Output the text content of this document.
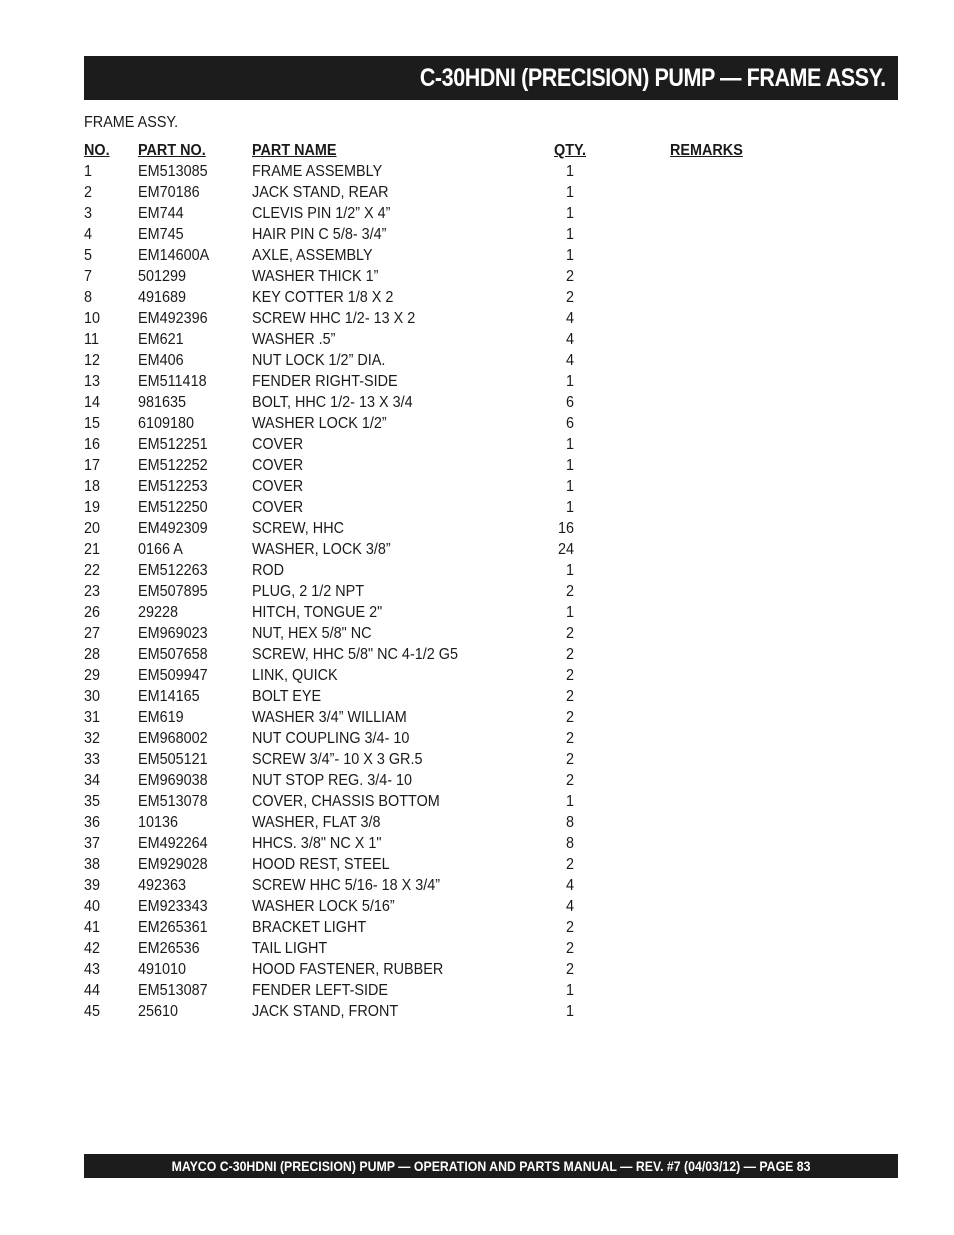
C-30HDNI (PRECISION) PUMP — FRAME ASSY.
FRAME ASSY.
NO. PART NO.	PART NAME	QTY.	REMARKS
1	EM513085	FRAME ASSEMBLY	1
2	EM70186	JACK STAND, REAR	1
3	EM744	CLEVIS PIN 1/2” X 4”	1
4	EM745	HAIR PIN C 5/8- 3/4”	1
5	EM14600A	AXLE, ASSEMBLY	1
7	501299	WASHER THICK 1”	2
8	491689	KEY COTTER 1/8 X 2	2
10 EM492396	SCREW HHC 1/2- 13 X 2	4
11 EM621	WASHER .5”	4
12 EM406	NUT LOCK 1/2” DIA.	4
13 EM511418	FENDER RIGHT-SIDE	1
14 981635	BOLT, HHC 1/2- 13 X 3/4	6
15 6109180	WASHER LOCK 1/2”	6
16 EM512251	COVER	1
17 EM512252	COVER	1
18 EM512253	COVER	1
19 EM512250	COVER	1
20 EM492309	SCREW, HHC	16
21 0166 A	WASHER, LOCK 3/8”	24
22 EM512263	ROD	1
23 EM507895	PLUG, 2 1/2 NPT	2
26 29228	HITCH, TONGUE 2"	1
27 EM969023	NUT, HEX 5/8" NC	2
28 EM507658	SCREW, HHC 5/8" NC 4-1/2 G5	2
29 EM509947	LINK, QUICK	2
30 EM14165	BOLT EYE	2
31 EM619	WASHER 3/4” WILLIAM	2
32 EM968002	NUT COUPLING 3/4- 10	2
33 EM505121	SCREW 3/4”- 10 X 3 GR.5	2
34 EM969038	NUT STOP REG. 3/4- 10	2
35 EM513078	COVER, CHASSIS BOTTOM	1
36 10136	WASHER, FLAT 3/8	8
37 EM492264	HHCS. 3/8" NC X 1"	8
38 EM929028	HOOD REST, STEEL	2
39 492363	SCREW HHC 5/16- 18 X 3/4”	4
40 EM923343	WASHER LOCK 5/16”	4
41 EM265361	BRACKET LIGHT	2
42 EM26536	TAIL LIGHT	2
43 491010	HOOD FASTENER, RUBBER	2
44 EM513087	FENDER LEFT-SIDE	1
45 25610	JACK STAND, FRONT	1
MAYCO C-30HDNI (PRECISION) PUMP — OPERATION AND PARTS MANUAL — REV. #7 (04/03/12) — PAGE 83
